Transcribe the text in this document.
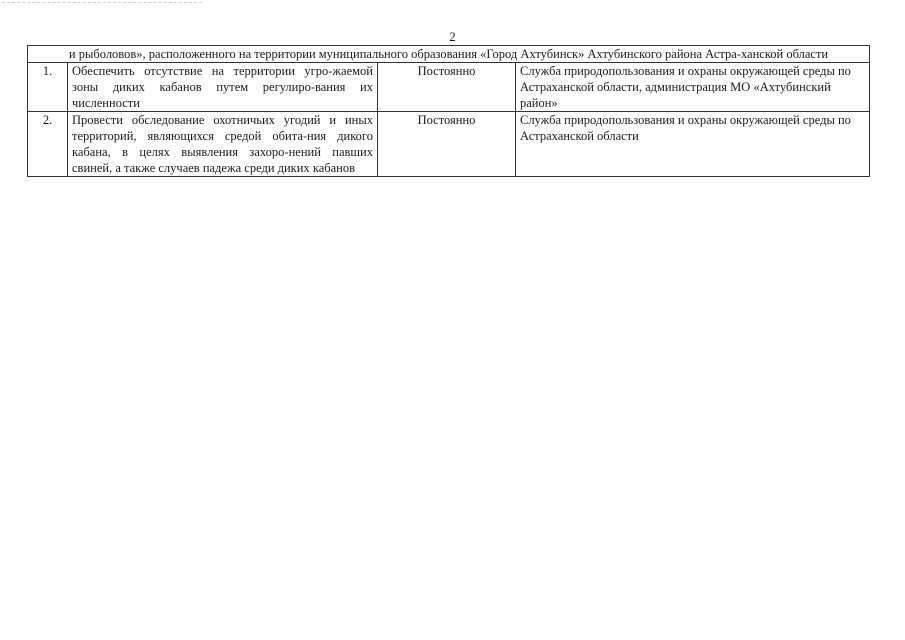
2
и рыболовов», расположенного на территории муниципального образования «Город Ахтубинск» Ахтубинского района Астра-ханской области			
1.	Обеспечить отсутствие на территории угро-жаемой зоны диких кабанов путем регулиро-вания их численности	Постоянно	Служба природопользования и охраны окружающей среды по Астраханской области, администрация МО «Ахтубинский район»
2.	Провести обследование охотничьих угодий и иных территорий, являющихся средой обита-ния дикого кабана, в целях выявления захоро-нений павших свиней, а также случаев падежа среди диких кабанов	Постоянно	Служба природопользования и охраны окружающей среды по Астраханской области
